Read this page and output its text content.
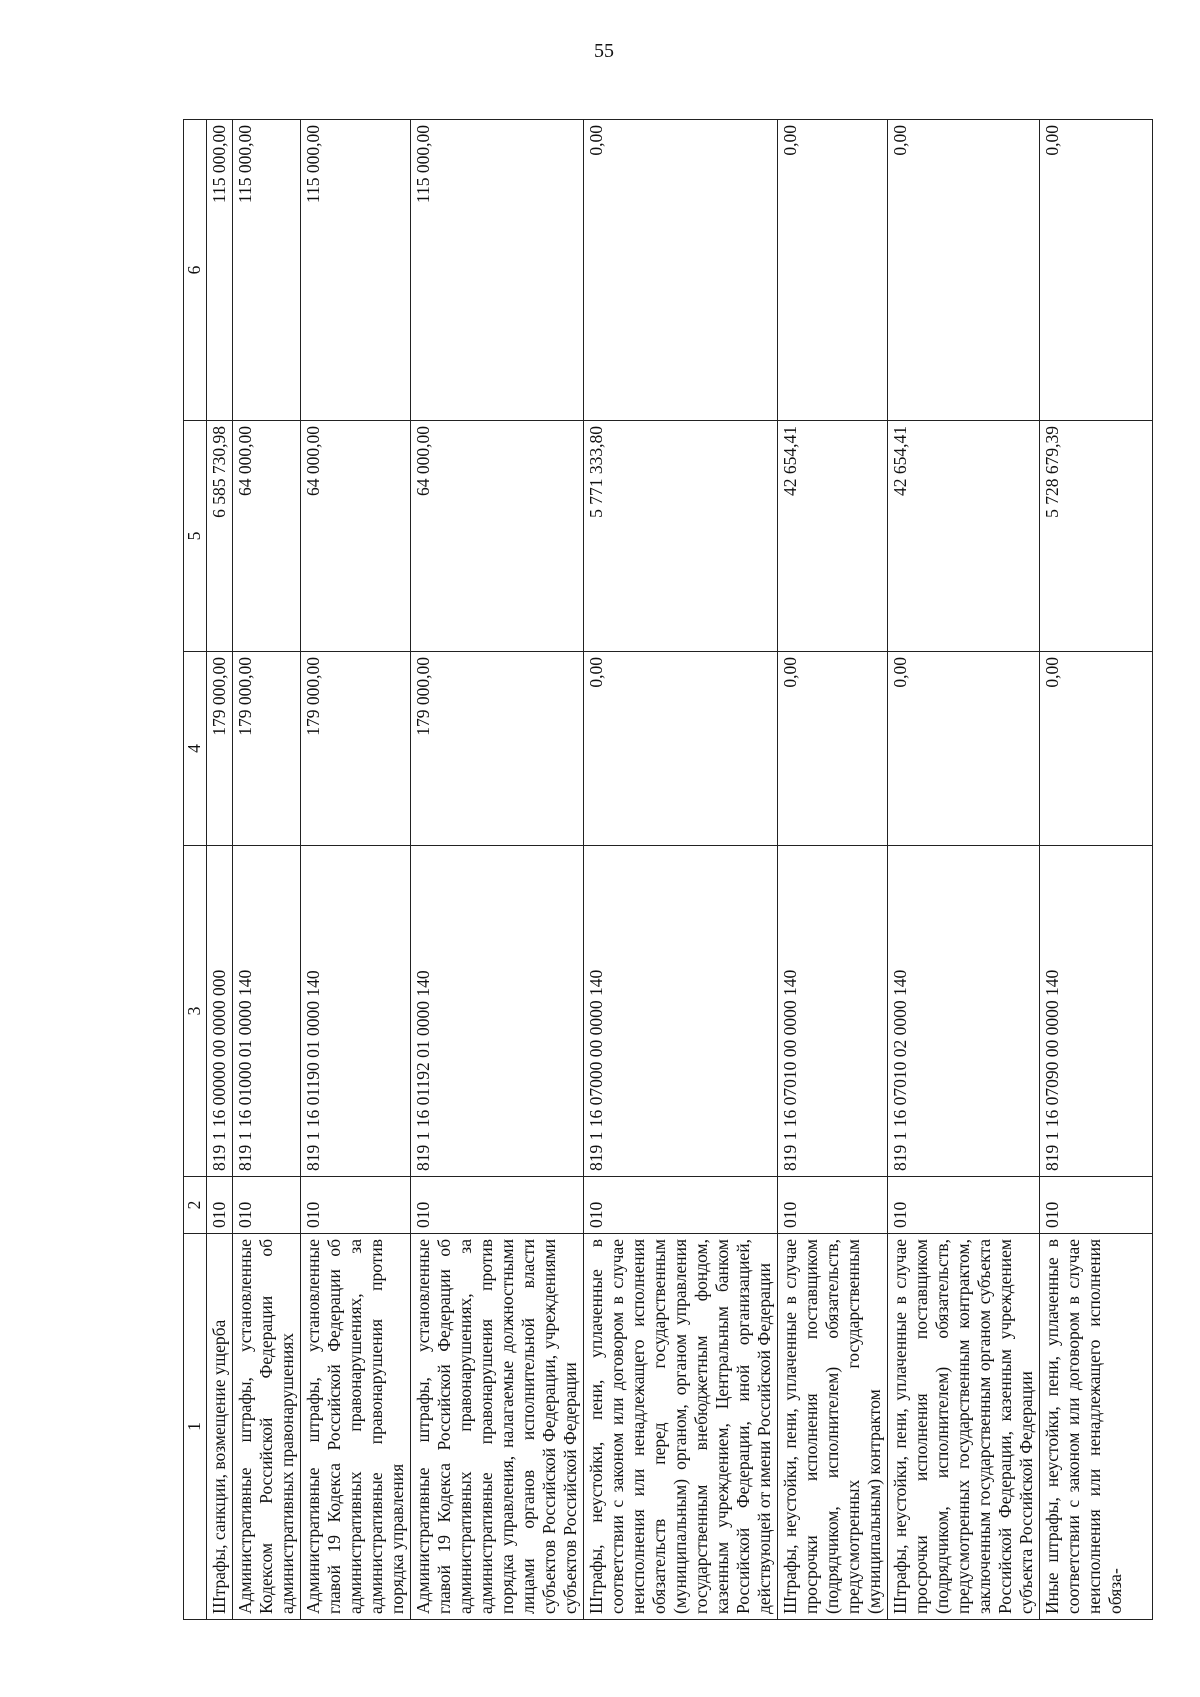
55
1	2	3	4	5	6
Штрафы, санкции, возмещение ущерба	010	819 1 16 00000 00 0000 000	179 000,00	6 585 730,98	115 000,00
Административные штрафы, установленные Кодексом Российской Федерации об административных правонарушениях	010	819 1 16 01000 01 0000 140	179 000,00	64 000,00	115 000,00
Административные штрафы, установленные главой 19 Кодекса Российской Федерации об административных правонарушениях, за административные правонарушения против порядка управления	010	819 1 16 01190 01 0000 140	179 000,00	64 000,00	115 000,00
Административные штрафы, установленные главой 19 Кодекса Российской Федерации об административных правонарушениях, за административные правонарушения против порядка управления, налагаемые должностными лицами органов исполнительной власти субъектов Российской Федерации, учреждениями субъектов Российской Федерации	010	819 1 16 01192 01 0000 140	179 000,00	64 000,00	115 000,00
Штрафы, неустойки, пени, уплаченные в соответствии с законом или договором в случае неисполнения или ненадлежащего исполнения обязательств перед государственным (муниципальным) органом, органом управления государственным внебюджетным фондом, казенным учреждением, Центральным банком Российской Федерации, иной организацией, действующей от имени Российской Федерации	010	819 1 16 07000 00 0000 140	0,00	5 771 333,80	0,00
Штрафы, неустойки, пени, уплаченные в случае просрочки исполнения поставщиком (подрядчиком, исполнителем) обязательств, предусмотренных государственным (муниципальным) контрактом	010	819 1 16 07010 00 0000 140	0,00	42 654,41	0,00
Штрафы, неустойки, пени, уплаченные в случае просрочки исполнения поставщиком (подрядчиком, исполнителем) обязательств, предусмотренных государственным контрактом, заключенным государственным органом субъекта Российской Федерации, казенным учреждением субъекта Российской Федерации	010	819 1 16 07010 02 0000 140	0,00	42 654,41	0,00
Иные штрафы, неустойки, пени, уплаченные в соответствии с законом или договором в случае неисполнения или ненадлежащего исполнения обяза-	010	819 1 16 07090 00 0000 140	0,00	5 728 679,39	0,00
